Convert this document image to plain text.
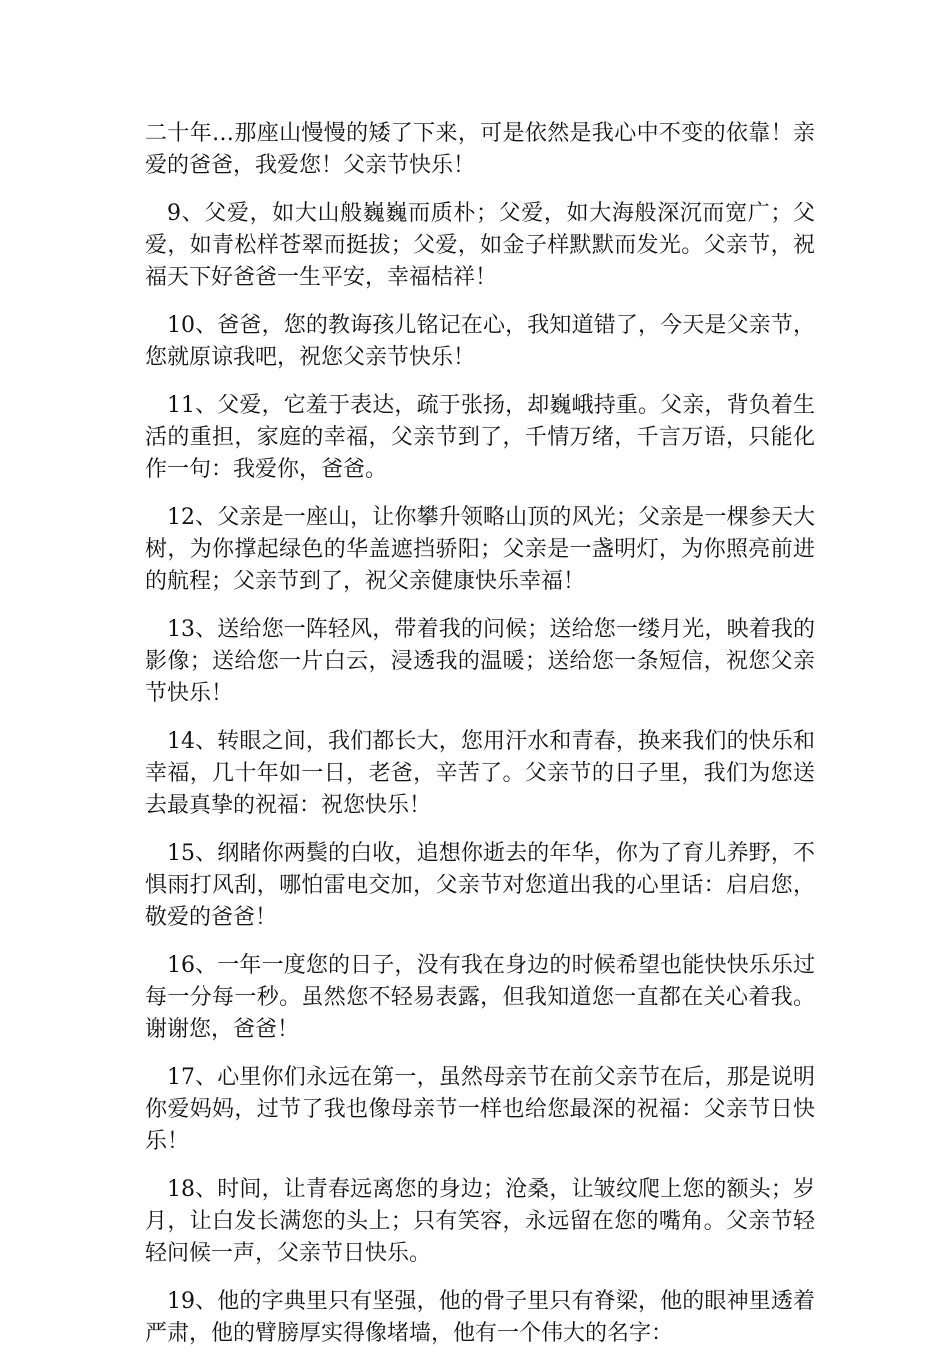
二十年…那座山慢慢的矮了下来，可是依然是我心中不变的依靠！亲爱的爸爸，我爱您！父亲节快乐！

9、父爱，如大山般巍巍而质朴；父爱，如大海般深沉而宽广；父爱，如青松样苍翠而挺拔；父爱，如金子样默默而发光。父亲节，祝福天下好爸爸一生平安，幸福桔祥！

10、爸爸，您的教诲孩儿铭记在心，我知道错了，今天是父亲节，您就原谅我吧，祝您父亲节快乐！

11、父爱，它羞于表达，疏于张扬，却巍峨持重。父亲，背负着生活的重担，家庭的幸福，父亲节到了，千情万绪，千言万语，只能化作一句：我爱你，爸爸。

12、父亲是一座山，让你攀升领略山顶的风光；父亲是一棵参天大树，为你撑起绿色的华盖遮挡骄阳；父亲是一盏明灯，为你照亮前进的航程；父亲节到了，祝父亲健康快乐幸福！

13、送给您一阵轻风，带着我的问候；送给您一缕月光，映着我的影像；送给您一片白云，浸透我的温暖；送给您一条短信，祝您父亲节快乐！

14、转眼之间，我们都长大，您用汗水和青春，换来我们的快乐和幸福，几十年如一日，老爸，辛苦了。父亲节的日子里，我们为您送去最真挚的祝福：祝您快乐！

15、纲睹你两鬓的白收，追想你逝去的年华，你为了育儿养野，不惧雨打风刮，哪怕雷电交加，父亲节对您道出我的心里话：启启您，敬爱的爸爸！

16、一年一度您的日子，没有我在身边的时候希望也能快快乐乐过每一分每一秒。虽然您不轻易表露，但我知道您一直都在关心着我。谢谢您，爸爸！

17、心里你们永远在第一，虽然母亲节在前父亲节在后，那是说明你爱妈妈，过节了我也像母亲节一样也给您最深的祝福：父亲节日快乐！

18、时间，让青春远离您的身边；沧桑，让皱纹爬上您的额头；岁月，让白发长满您的头上；只有笑容，永远留在您的嘴角。父亲节轻轻问候一声，父亲节日快乐。

19、他的字典里只有坚强，他的骨子里只有脊梁，他的眼神里透着严肃，他的臂膀厚实得像堵墙，他有一个伟大的名字：
